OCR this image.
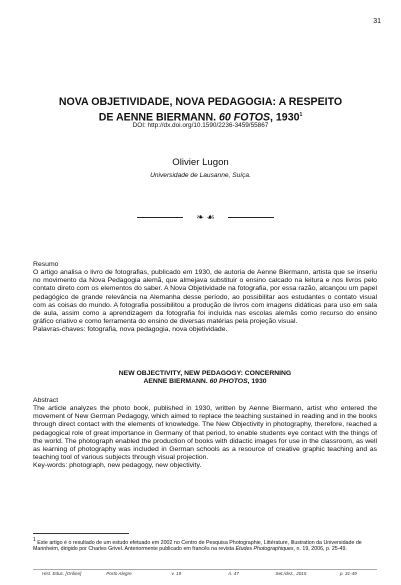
31
NOVA OBJETIVIDADE, NOVA PEDAGOGIA: A RESPEITO
DE AENNE BIERMANN. 60 FOTOS, 1930$^1$
DOI: http://dx.doi.org/10.1590/2236-3459/55867
Olivier Lugon
Universidade de Lausanne, Suíça.
❧ ☙
Resumo
O artigo analisa o livro de fotografias, publicado em 1930, de autoria de Aenne Biermann, artista que se inseriu no movimento da Nova Pedagogia alemã, que almejava substituir o ensino calcado na leitura e nos livros pelo contato direto com os elementos do saber. A Nova Objetividade na fotografia, por essa razão, alcançou um papel pedagógico de grande relevância na Alemanha desse período, ao possibilitar aos estudantes o contato visual com as coisas do mundo. A fotografia possibilitou a produção de livros com imagens didáticas para uso em sala de aula, assim como a aprendizagem da fotografia foi incluída nas escolas alemãs como recurso do ensino gráfico criativo e como ferramenta do ensino de diversas matérias pela projeção visual.
Palavras-chaves: fotografia, nova pedagogia, nova objetividade.
NEW OBJECTIVITY, NEW PEDAGOGY: CONCERNING
AENNE BIERMANN. 60 PHOTOS, 1930
Abstract
The article analyzes the photo book, published in 1930, written by Aenne Biermann, artist who entered the movement of New German Pedagogy, which aimed to replace the teaching sustained in reading and in the books through direct contact with the elements of knowledge. The New Objectivity in photography, therefore, reached a pedagogical role of great importance in Germany of that period, to enable students eye contact with the things of the world. The photograph enabled the production of books with didactic images for use in the classroom, as well as learning of photography was included in German schools as a resource of creative graphic teaching and as teaching tool of various subjects through visual projection.
Key-words: photograph, new pedagogy, new objectivity.
$^1$ Este artigo é o resultado de um estudo efetuado em 2002 no Centro de Pesquisa Photographie, Littérature, Illustration da Universidade de Mannheim, dirigido por Charles Grivel. Anteriormente publicado em francês na revista Études Photographiques, n. 19, 2006, p. 25-49.
Hist. Educ. [Online]	Porto Alegre	v. 19	n. 47	Set./dez., 2015	p. 31-49
